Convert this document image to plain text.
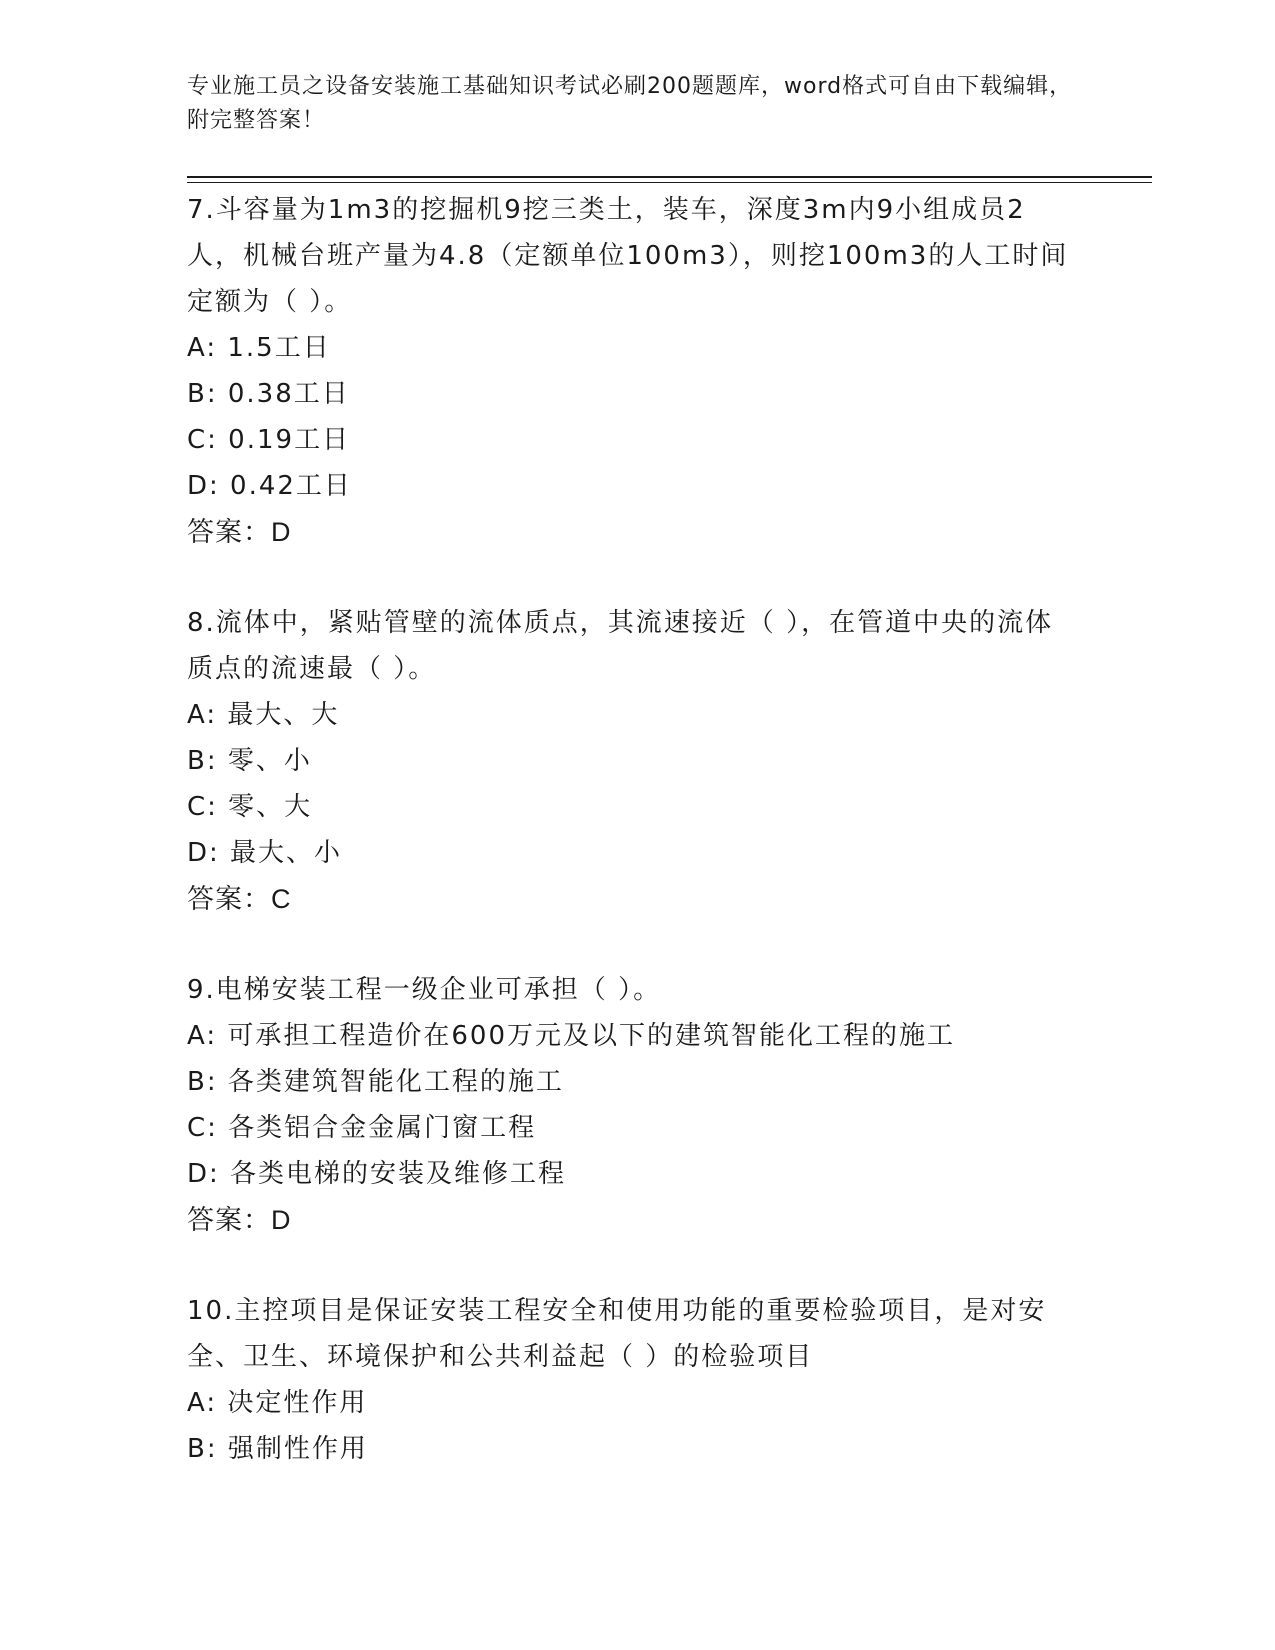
专业施工员之设备安装施工基础知识考试必刷200题题库，word格式可自由下载编辑，附完整答案！

7.斗容量为1m3的挖掘机9挖三类土，装车，深度3m内9小组成员2人，机械台班产量为4.8（定额单位100m3），则挖100m3的人工时间定额为（ ）。

A: 1.5工日

B: 0.38工日

C: 0.19工日

D: 0.42工日

答案：D

8.流体中，紧贴管壁的流体质点，其流速接近（ ），在管道中央的流体质点的流速最（ ）。

A: 最大、大

B: 零、小

C: 零、大

D: 最大、小

答案：C

9.电梯安装工程一级企业可承担（ ）。

A: 可承担工程造价在600万元及以下的建筑智能化工程的施工

B: 各类建筑智能化工程的施工

C: 各类铝合金金属门窗工程

D: 各类电梯的安装及维修工程

答案：D

10.主控项目是保证安装工程安全和使用功能的重要检验项目，是对安全、卫生、环境保护和公共利益起（ ）的检验项目

A: 决定性作用

B: 强制性作用
